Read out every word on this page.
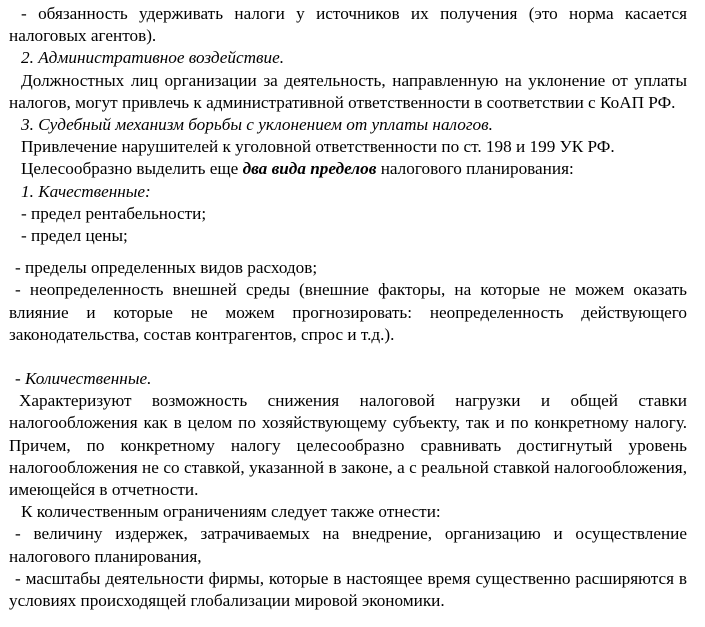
- обязанность удерживать налоги у источников их получения (это норма касается налоговых агентов).

2. Административное воздействие.

Должностных лиц организации за деятельность, направленную на уклонение от уплаты налогов, могут привлечь к административной ответственности в соответствии с КоАП РФ.

3. Судебный механизм борьбы с уклонением от уплаты налогов.

Привлечение нарушителей к уголовной ответственности по ст. 198 и 199 УК РФ.

Целесообразно выделить еще два вида пределов налогового планирования:

1. Качественные:

- предел рентабельности;

- предел цены;

- пределы определенных видов расходов;

- неопределенность внешней среды (внешние факторы, на которые не можем оказать влияние и которые не можем прогнозировать: неопределенность действующего законодательства, состав контрагентов, спрос и т.д.).

- Количественные.

Характеризуют возможность снижения налоговой нагрузки и общей ставки налогообложения как в целом по хозяйствующему субъекту, так и по конкретному налогу. Причем, по конкретному налогу целесообразно сравнивать достигнутый уровень налогообложения не со ставкой, указанной в законе, а с реальной ставкой налогообложения, имеющейся в отчетности.

К количественным ограничениям следует также отнести:

- величину издержек, затрачиваемых на внедрение, организацию и осуществление налогового планирования,

- масштабы деятельности фирмы, которые в настоящее время существенно расширяются в условиях происходящей глобализации мировой экономики.
